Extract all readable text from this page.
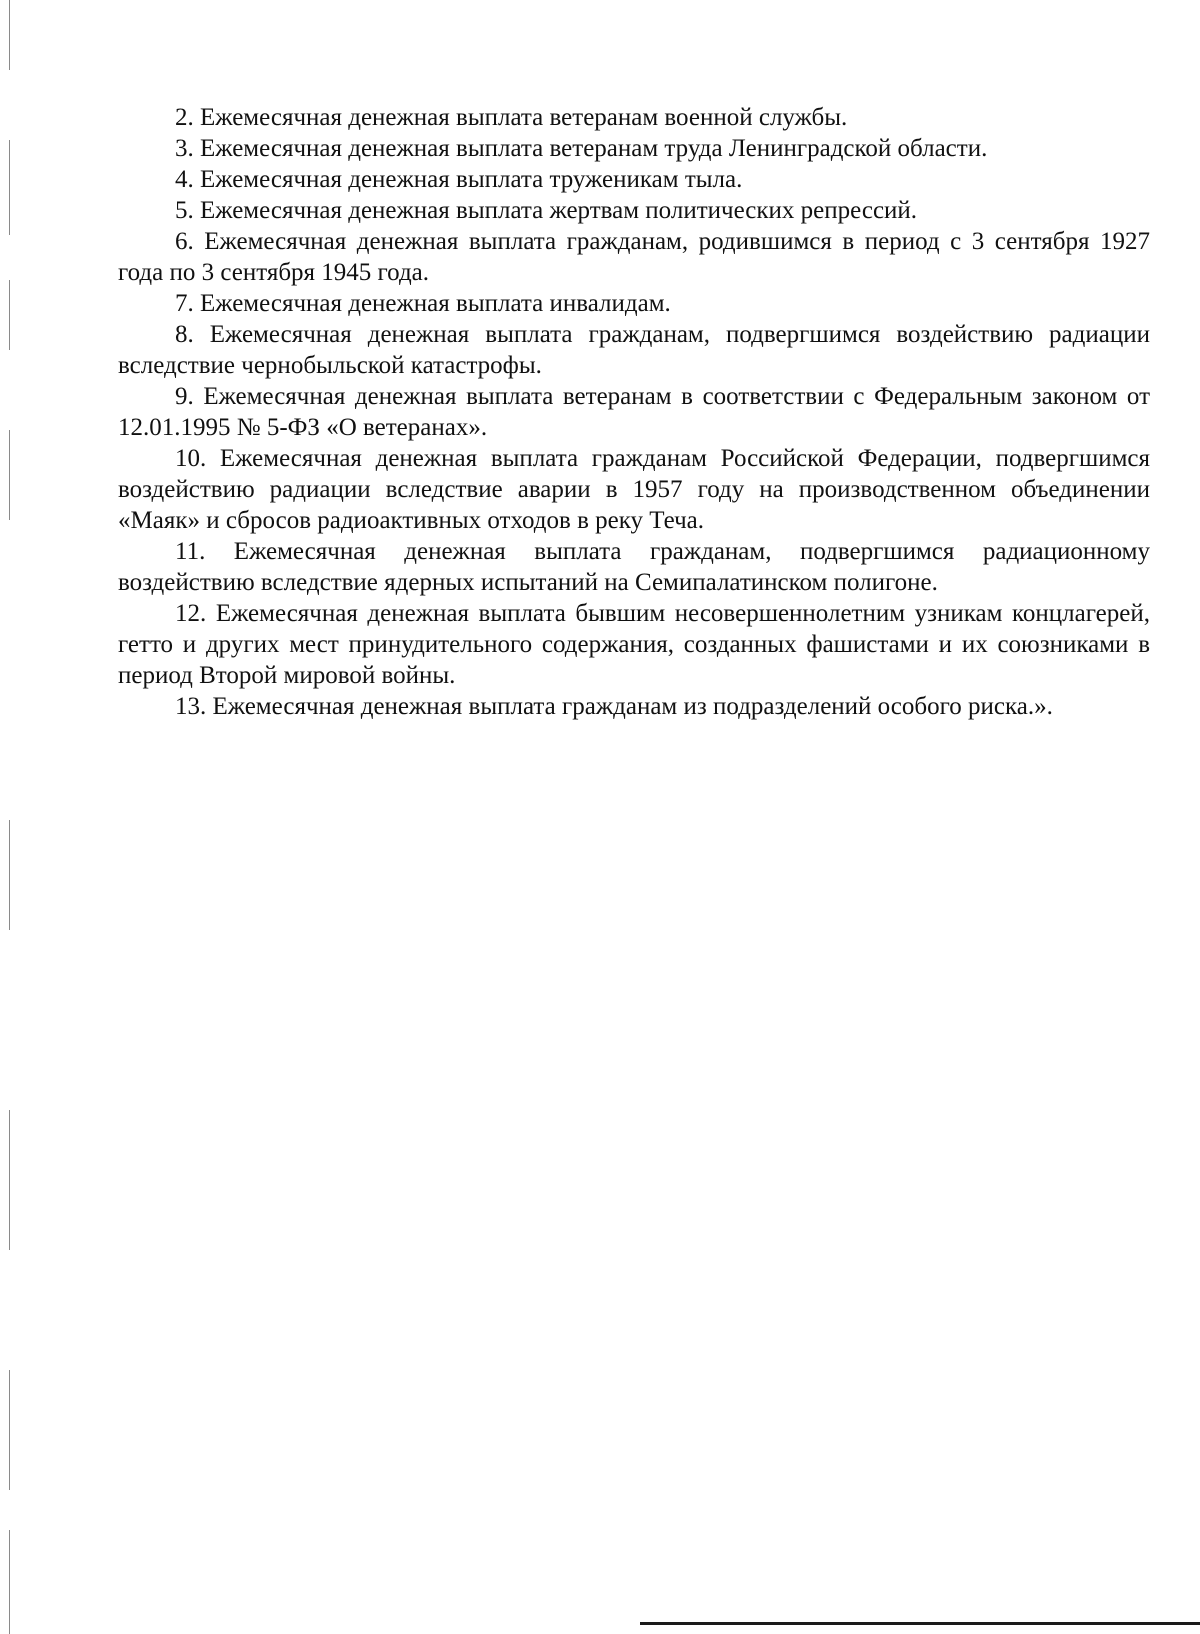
2. Ежемесячная денежная выплата ветеранам военной службы.

3. Ежемесячная денежная выплата ветеранам труда Ленинградской области.

4. Ежемесячная денежная выплата труженикам тыла.

5. Ежемесячная денежная выплата жертвам политических репрессий.

6. Ежемесячная денежная выплата гражданам, родившимся в период с 3 сентября 1927 года по 3 сентября 1945 года.

7. Ежемесячная денежная выплата инвалидам.

8. Ежемесячная денежная выплата гражданам, подвергшимся воздействию радиации вследствие чернобыльской катастрофы.

9. Ежемесячная денежная выплата ветеранам в соответствии с Федеральным законом от 12.01.1995 № 5-ФЗ «О ветеранах».

10. Ежемесячная денежная выплата гражданам Российской Федерации, подвергшимся воздействию радиации вследствие аварии в 1957 году на производственном объединении «Маяк» и сбросов радиоактивных отходов в реку Теча.

11. Ежемесячная денежная выплата гражданам, подвергшимся радиационному воздействию вследствие ядерных испытаний на Семипалатинском полигоне.

12. Ежемесячная денежная выплата бывшим несовершеннолетним узникам концлагерей, гетто и других мест принудительного содержания, созданных фашистами и их союзниками в период Второй мировой войны.

13. Ежемесячная денежная выплата гражданам из подразделений особого риска.».
